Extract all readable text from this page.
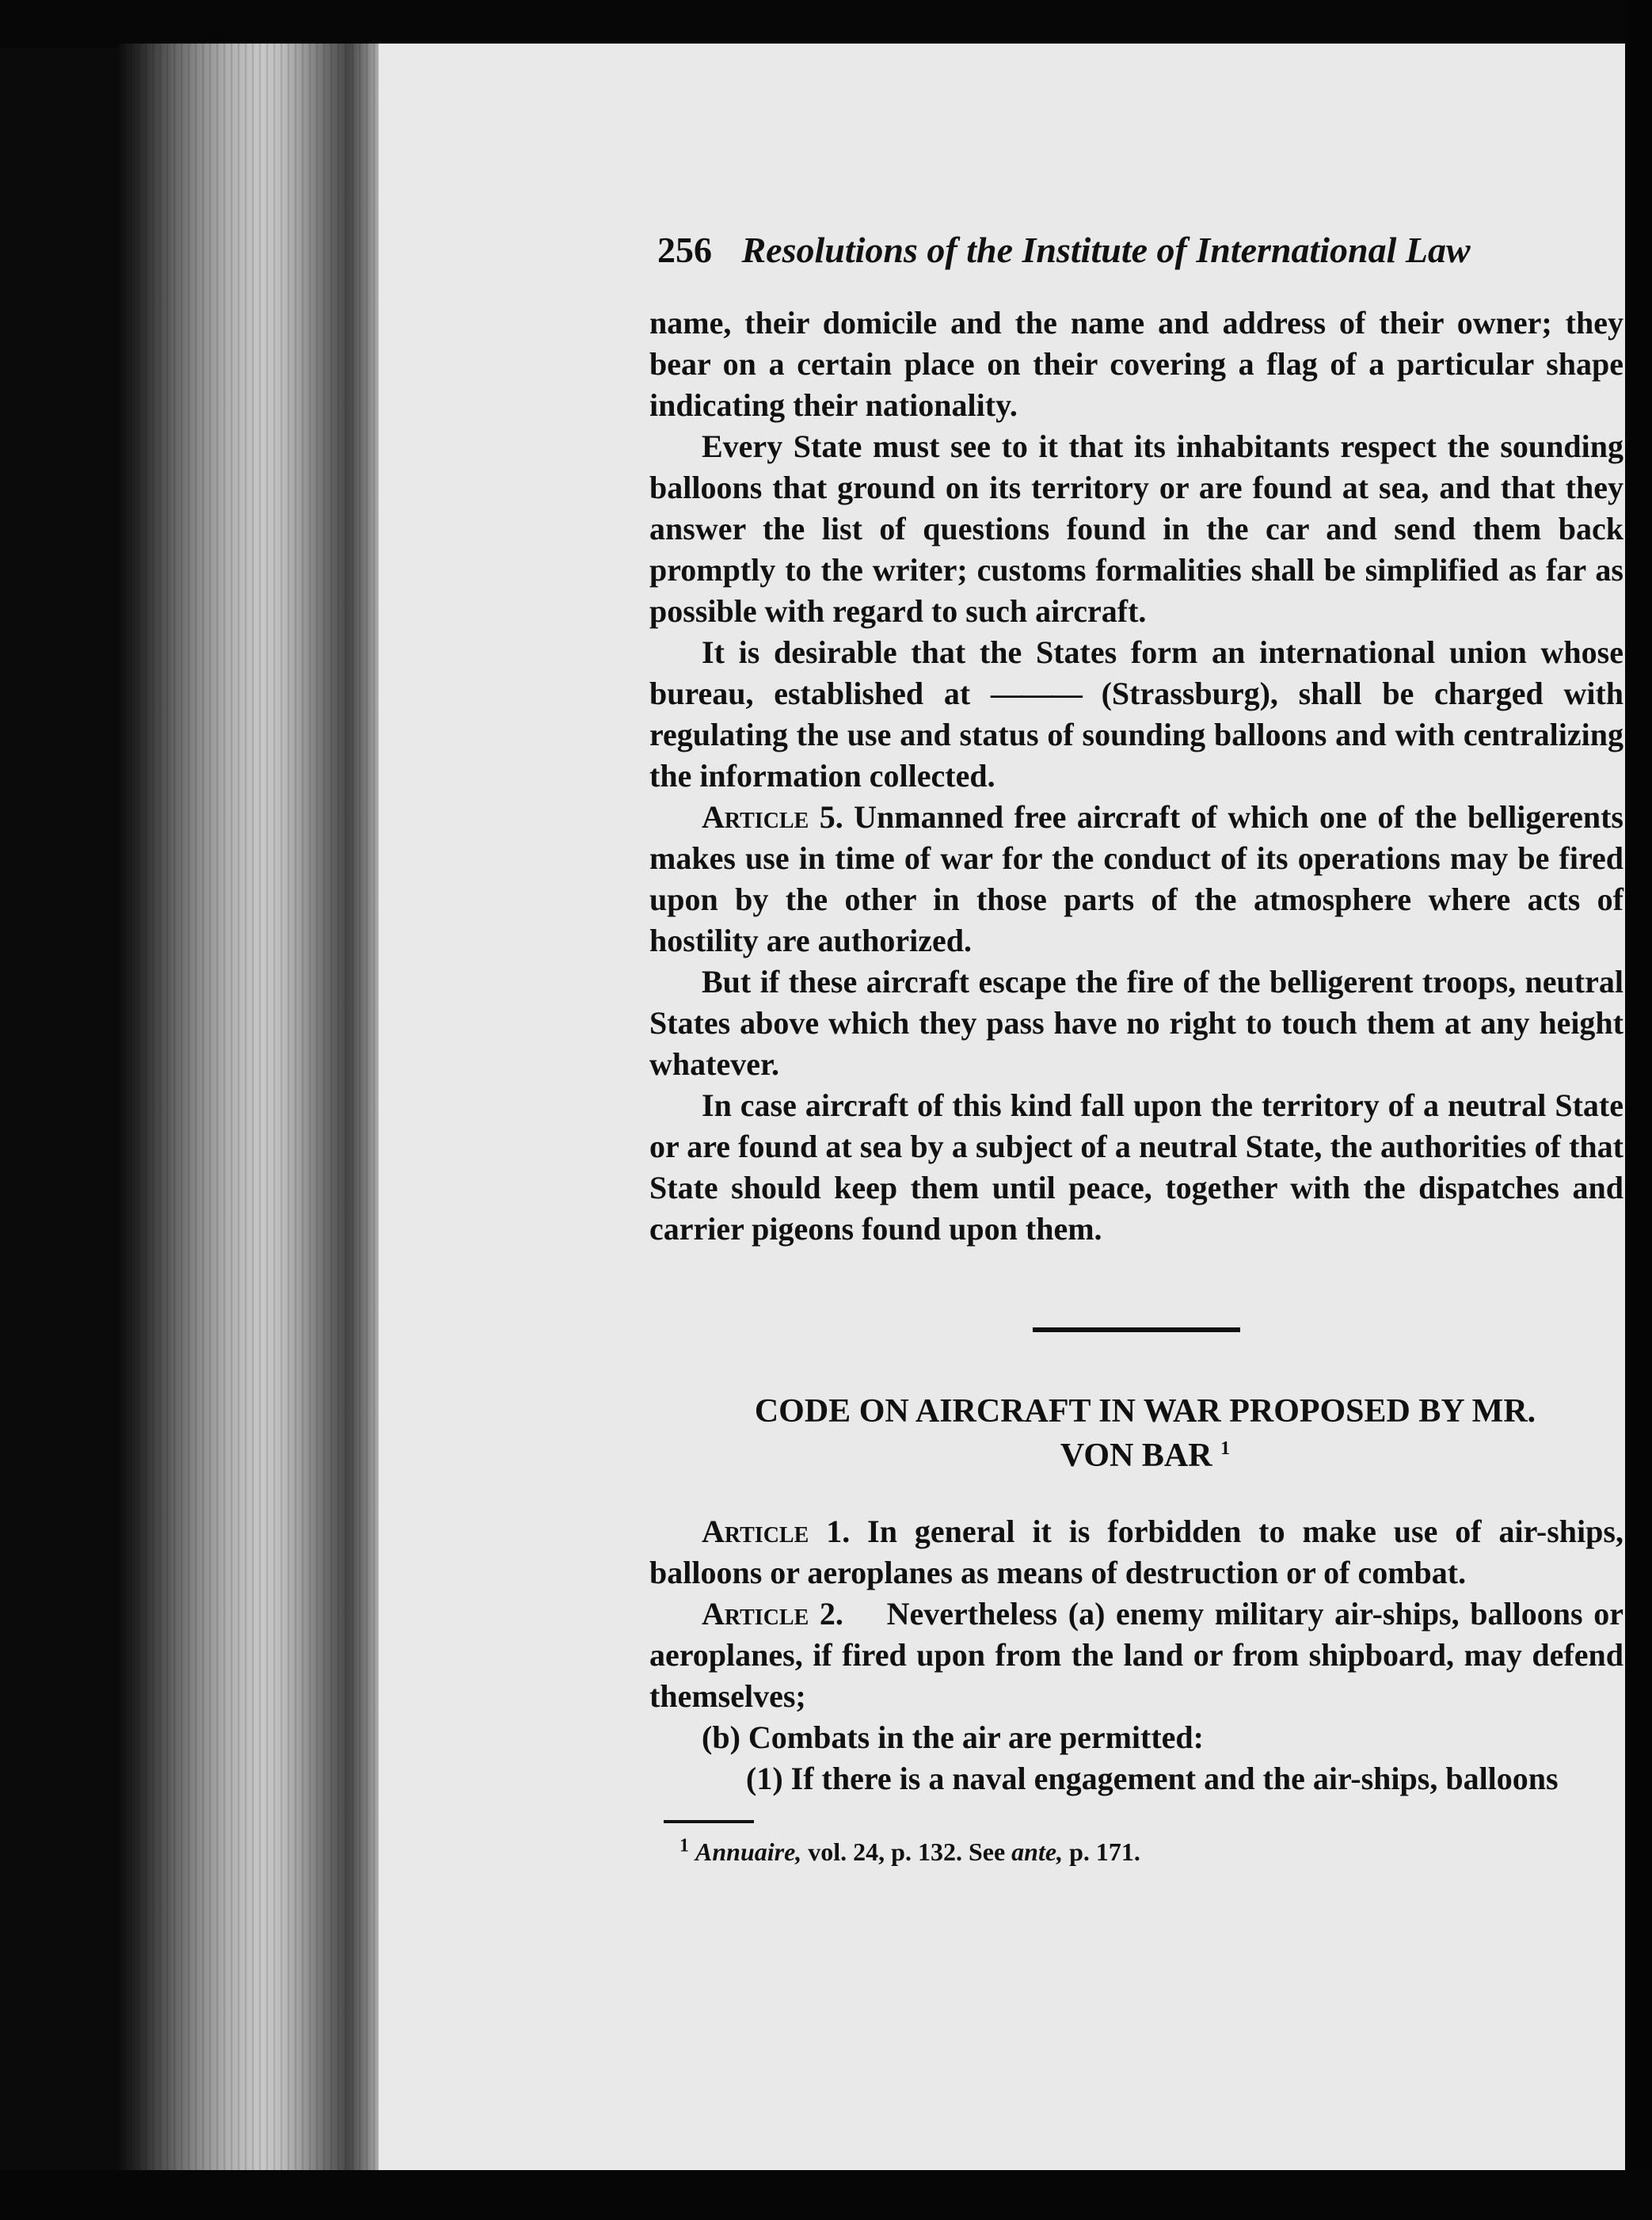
256 Resolutions of the Institute of International Law

name, their domicile and the name and address of their owner; they bear on a certain place on their covering a flag of a particular shape indicating their nationality.

Every State must see to it that its inhabitants respect the sounding balloons that ground on its territory or are found at sea, and that they answer the list of questions found in the car and send them back promptly to the writer; customs formalities shall be simplified as far as possible with regard to such aircraft.

It is desirable that the States form an international union whose bureau, established at ——— (Strassburg), shall be charged with regulating the use and status of sounding balloons and with centralizing the information collected.

Article 5. Unmanned free aircraft of which one of the belligerents makes use in time of war for the conduct of its operations may be fired upon by the other in those parts of the atmosphere where acts of hostility are authorized.

But if these aircraft escape the fire of the belligerent troops, neutral States above which they pass have no right to touch them at any height whatever.

In case aircraft of this kind fall upon the territory of a neutral State or are found at sea by a subject of a neutral State, the authorities of that State should keep them until peace, together with the dispatches and carrier pigeons found upon them.

CODE ON AIRCRAFT IN WAR PROPOSED BY MR.
VON BAR $^1$

Article 1. In general it is forbidden to make use of air-ships, balloons or aeroplanes as means of destruction or of combat.

Article 2. Nevertheless (a) enemy military air-ships, balloons or aeroplanes, if fired upon from the land or from shipboard, may defend themselves;

(b) Combats in the air are permitted:

(1) If there is a naval engagement and the air-ships, balloons

$^1$ Annuaire, vol. 24, p. 132. See ante, p. 171.
